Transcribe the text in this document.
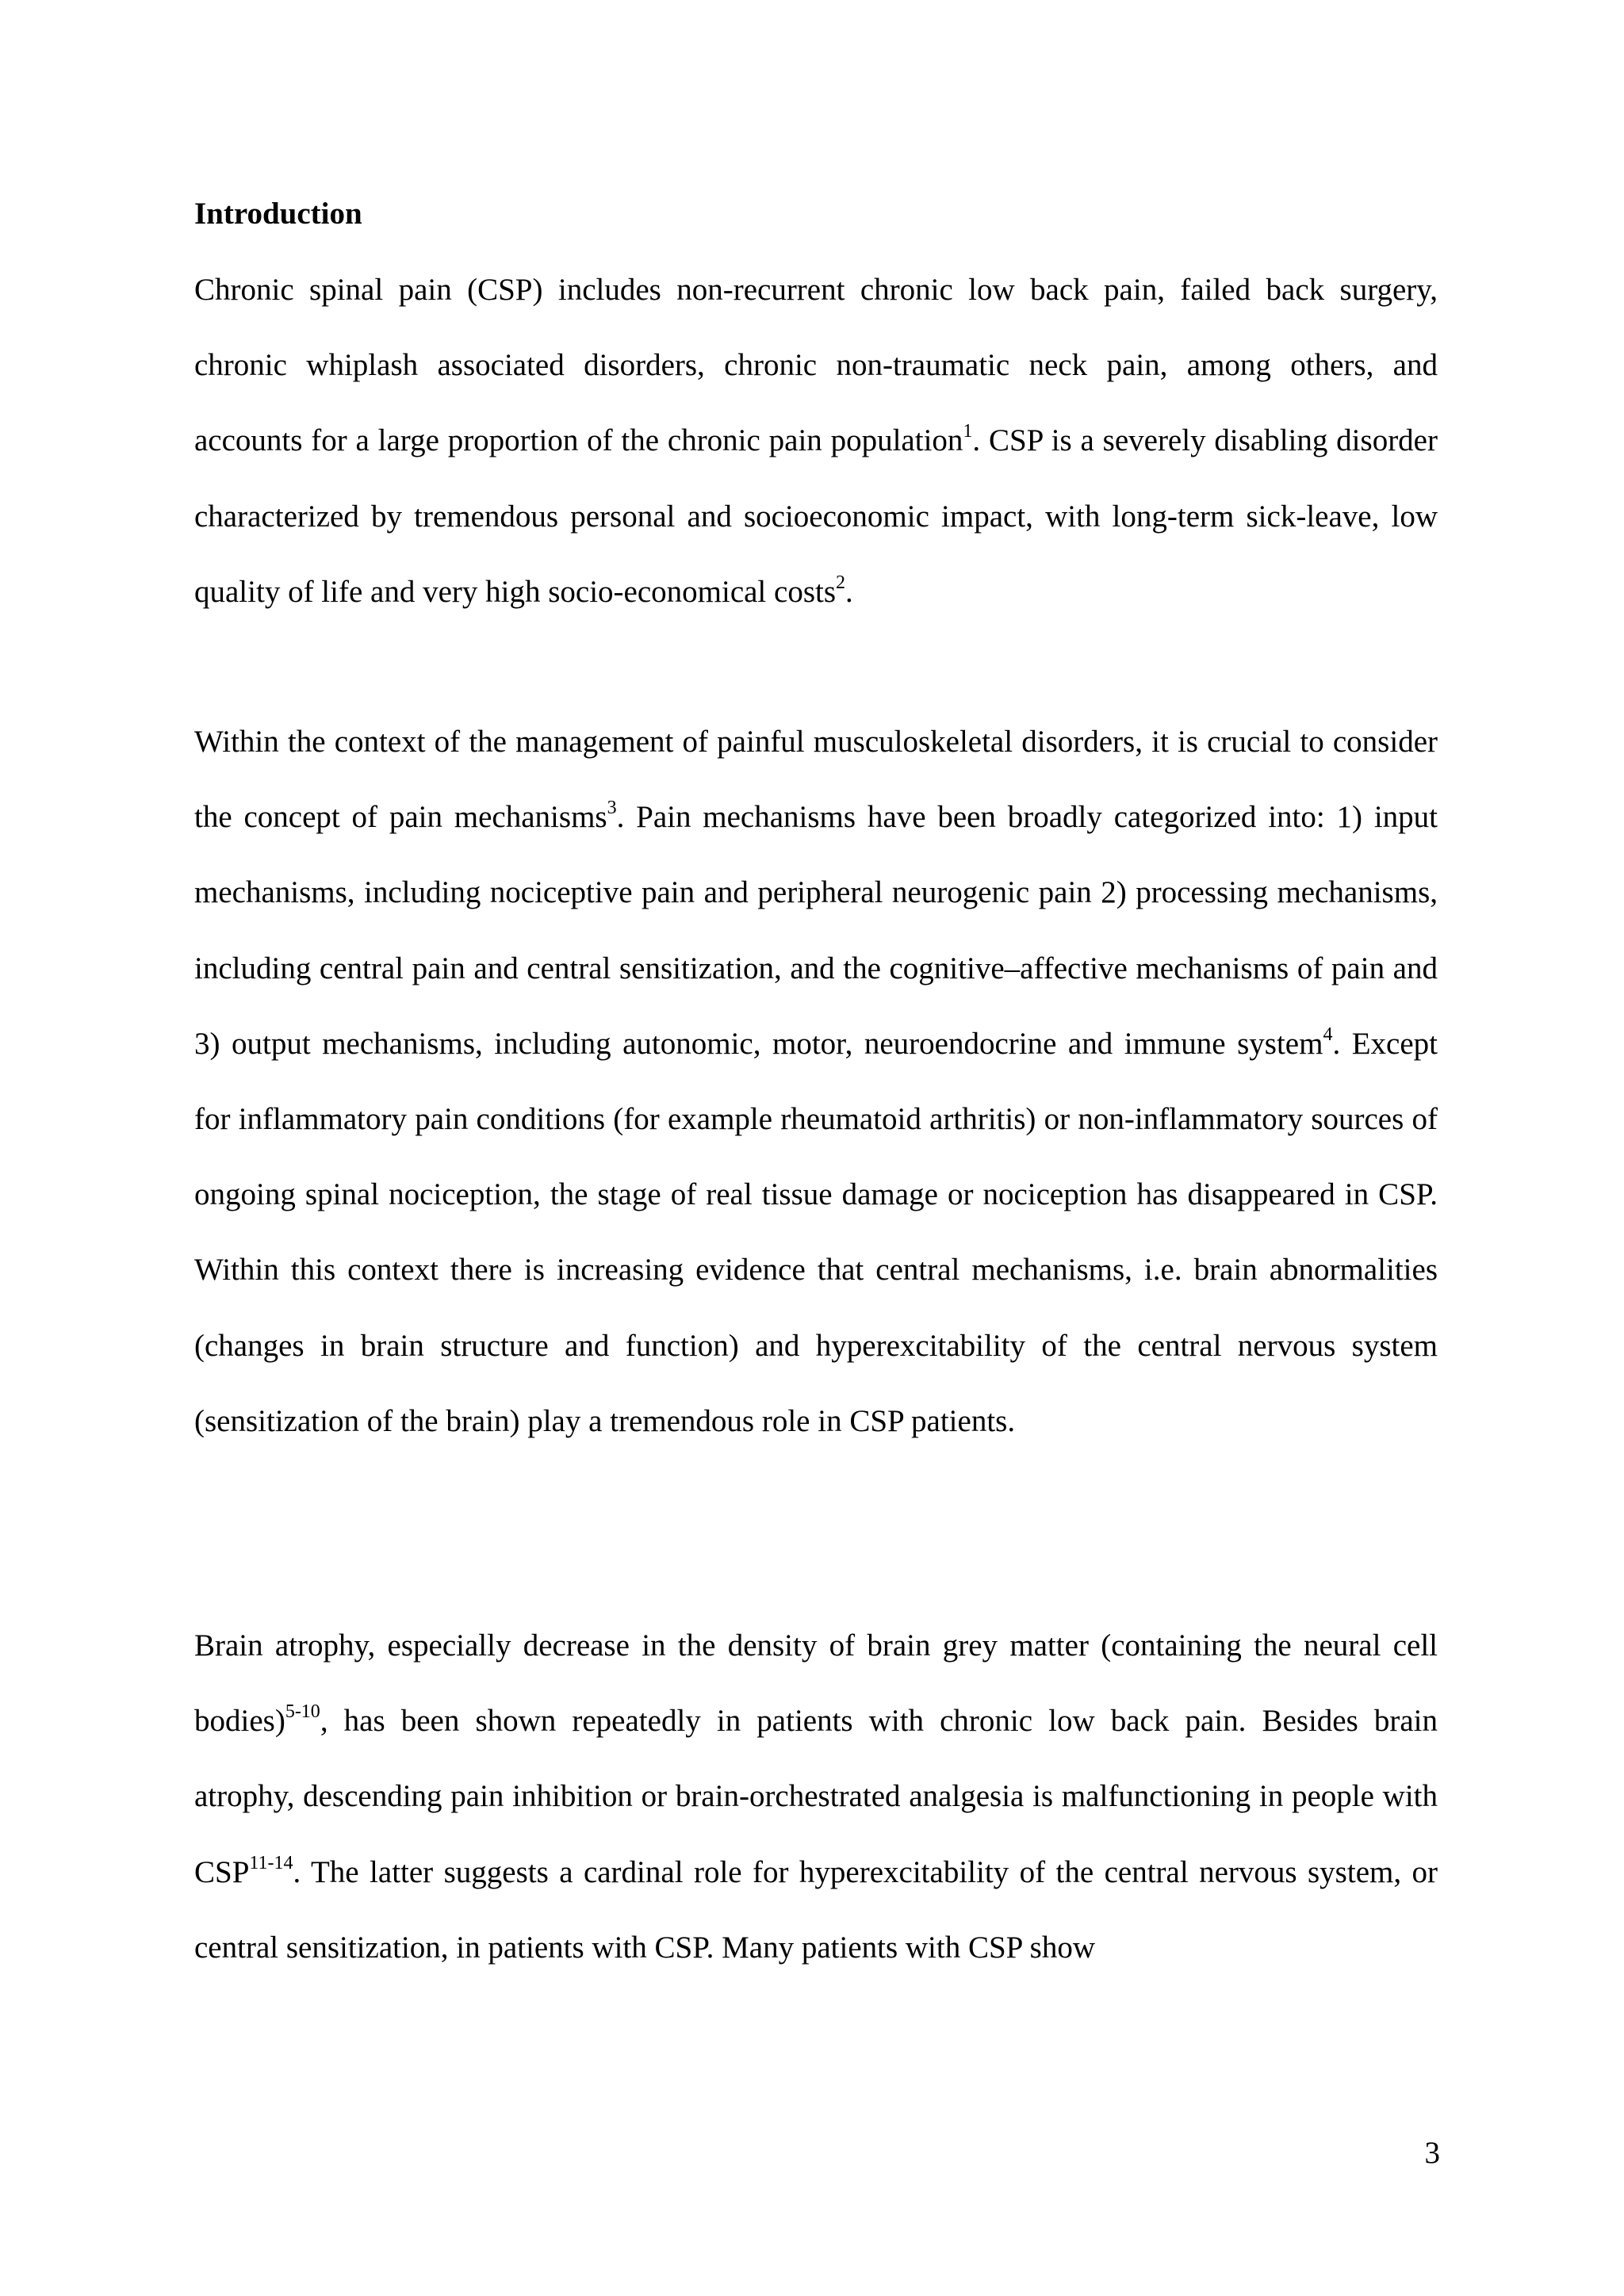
Introduction

Chronic spinal pain (CSP) includes non-recurrent chronic low back pain, failed back surgery, chronic whiplash associated disorders, chronic non-traumatic neck pain, among others, and accounts for a large proportion of the chronic pain population$^1$. CSP is a severely disabling disorder characterized by tremendous personal and socioeconomic impact, with long-term sick-leave, low quality of life and very high socio-economical costs$^2$.

Within the context of the management of painful musculoskeletal disorders, it is crucial to consider the concept of pain mechanisms$^3$. Pain mechanisms have been broadly categorized into: 1) input mechanisms, including nociceptive pain and peripheral neurogenic pain 2) processing mechanisms, including central pain and central sensitization, and the cognitive–affective mechanisms of pain and 3) output mechanisms, including autonomic, motor, neuroendocrine and immune system$^4$. Except for inflammatory pain conditions (for example rheumatoid arthritis) or non-inflammatory sources of ongoing spinal nociception, the stage of real tissue damage or nociception has disappeared in CSP. Within this context there is increasing evidence that central mechanisms, i.e. brain abnormalities (changes in brain structure and function) and hyperexcitability of the central nervous system (sensitization of the brain) play a tremendous role in CSP patients.

Brain atrophy, especially decrease in the density of brain grey matter (containing the neural cell bodies)$^{5-10}$, has been shown repeatedly in patients with chronic low back pain. Besides brain atrophy, descending pain inhibition or brain-orchestrated analgesia is malfunctioning in people with CSP$^{11-14}$. The latter suggests a cardinal role for hyperexcitability of the central nervous system, or central sensitization, in patients with CSP. Many patients with CSP show

3
